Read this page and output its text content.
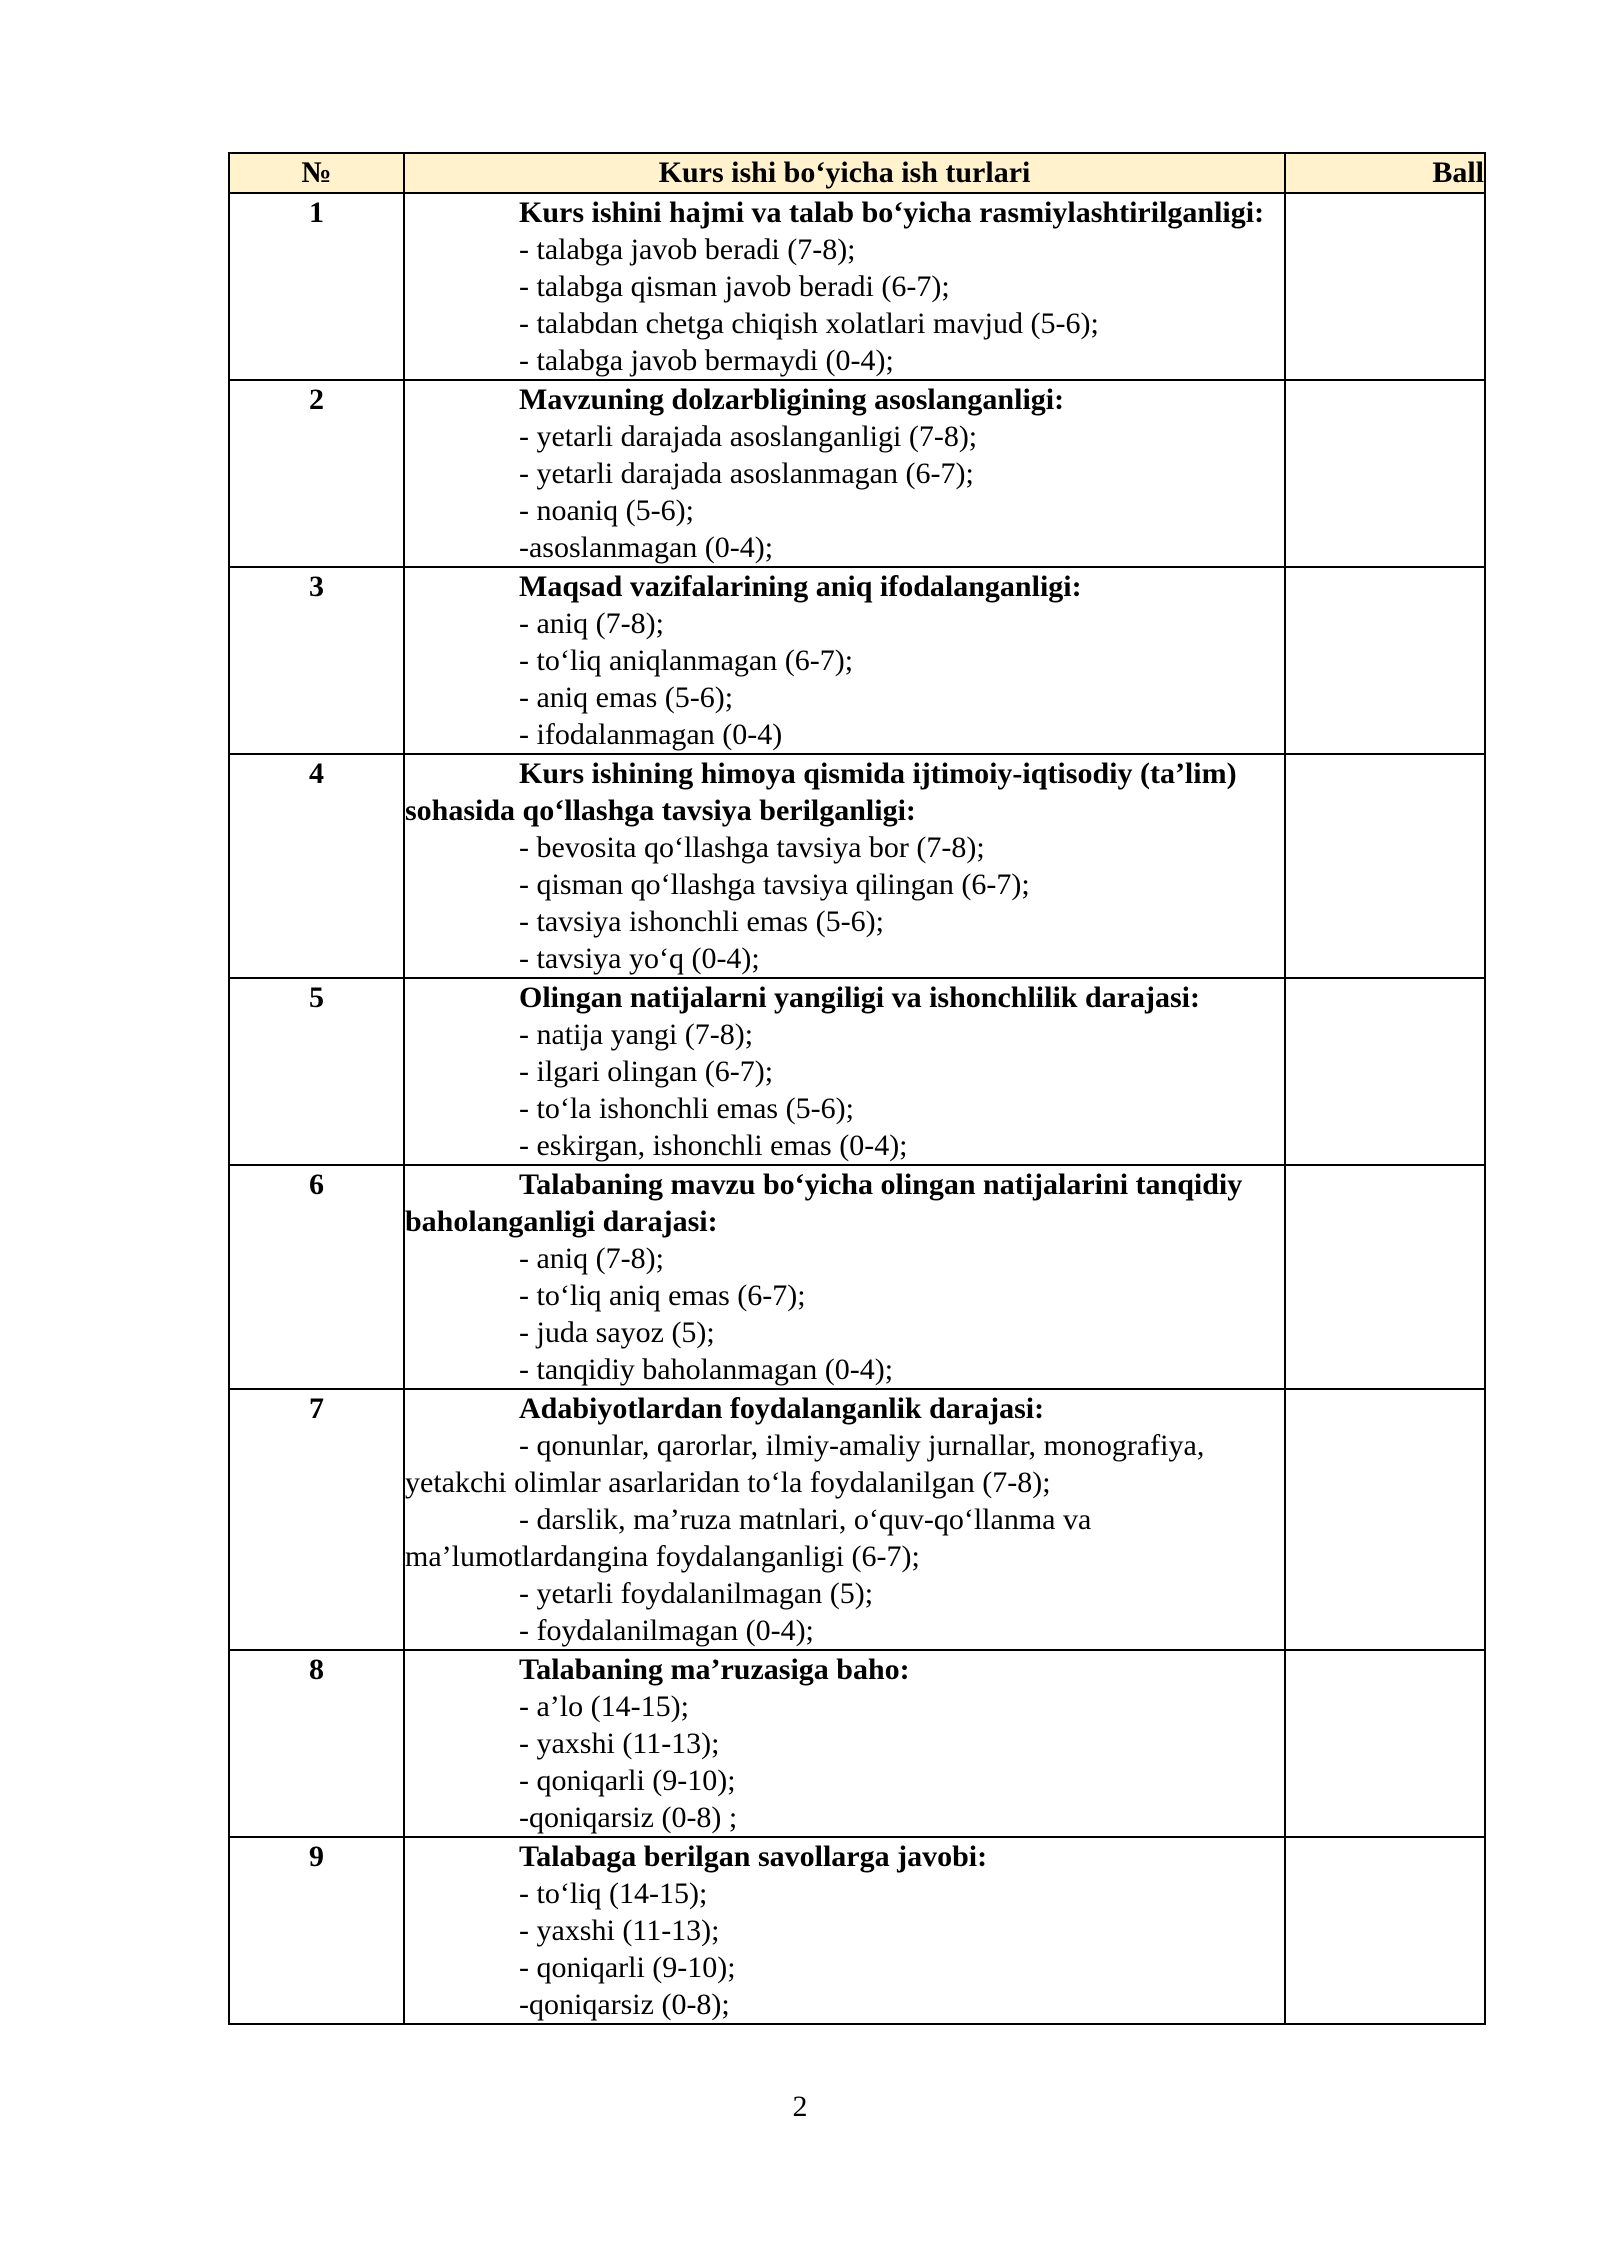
№	Kurs ishi bo‘yicha ish turlari	Ball
1	Kurs ishini hajmi va talab bo‘yicha rasmiylashtirilganligi:
- talabga javob beradi (7-8);
- talabga qisman javob beradi (6-7);
- talabdan chetga chiqish xolatlari mavjud (5-6);
- talabga javob bermaydi (0-4);	

2	Mavzuning dolzarbligining asoslanganligi:
- yetarli darajada asoslanganligi (7-8);
- yetarli darajada asoslanmagan (6-7);
- noaniq (5-6);
-asoslanmagan (0-4);	

3	Maqsad vazifalarining aniq ifodalanganligi:
- aniq (7-8);
- to‘liq aniqlanmagan (6-7);
- aniq emas (5-6);
- ifodalanmagan (0-4)	

4	Kurs ishining himoya qismida ijtimoiy-iqtisodiy (ta’lim) sohasida qo‘llashga tavsiya berilganligi:
- bevosita qo‘llashga tavsiya bor (7-8);
- qisman qo‘llashga tavsiya qilingan (6-7);
- tavsiya ishonchli emas (5-6);
- tavsiya yo‘q (0-4);	

5	Olingan natijalarni yangiligi va ishonchlilik darajasi:
- natija yangi (7-8);
- ilgari olingan (6-7);
- to‘la ishonchli emas (5-6);
- eskirgan, ishonchli emas (0-4);	

6	Talabaning mavzu bo‘yicha olingan natijalarini tanqidiy baholanganligi darajasi:
- aniq (7-8);
- to‘liq aniq emas (6-7);
- juda sayoz (5);
- tanqidiy baholanmagan (0-4);	

7	Adabiyotlardan foydalanganlik darajasi:
- qonunlar, qarorlar, ilmiy-amaliy jurnallar, monografiya, yetakchi olimlar asarlaridan to‘la foydalanilgan (7-8);
- darslik, ma’ruza matnlari, o‘quv-qo‘llanma va ma’lumotlardangina foydalanganligi (6-7);
- yetarli foydalanilmagan (5);
- foydalanilmagan (0-4);	

8	Talabaning ma’ruzasiga baho:
- a’lo (14-15);
- yaxshi (11-13);
- qoniqarli (9-10);
-qoniqarsiz (0-8) ;	

9	Talabaga berilgan savollarga javobi:
- to‘liq (14-15);
- yaxshi (11-13);
- qoniqarli (9-10);
-qoniqarsiz (0-8);	

2
